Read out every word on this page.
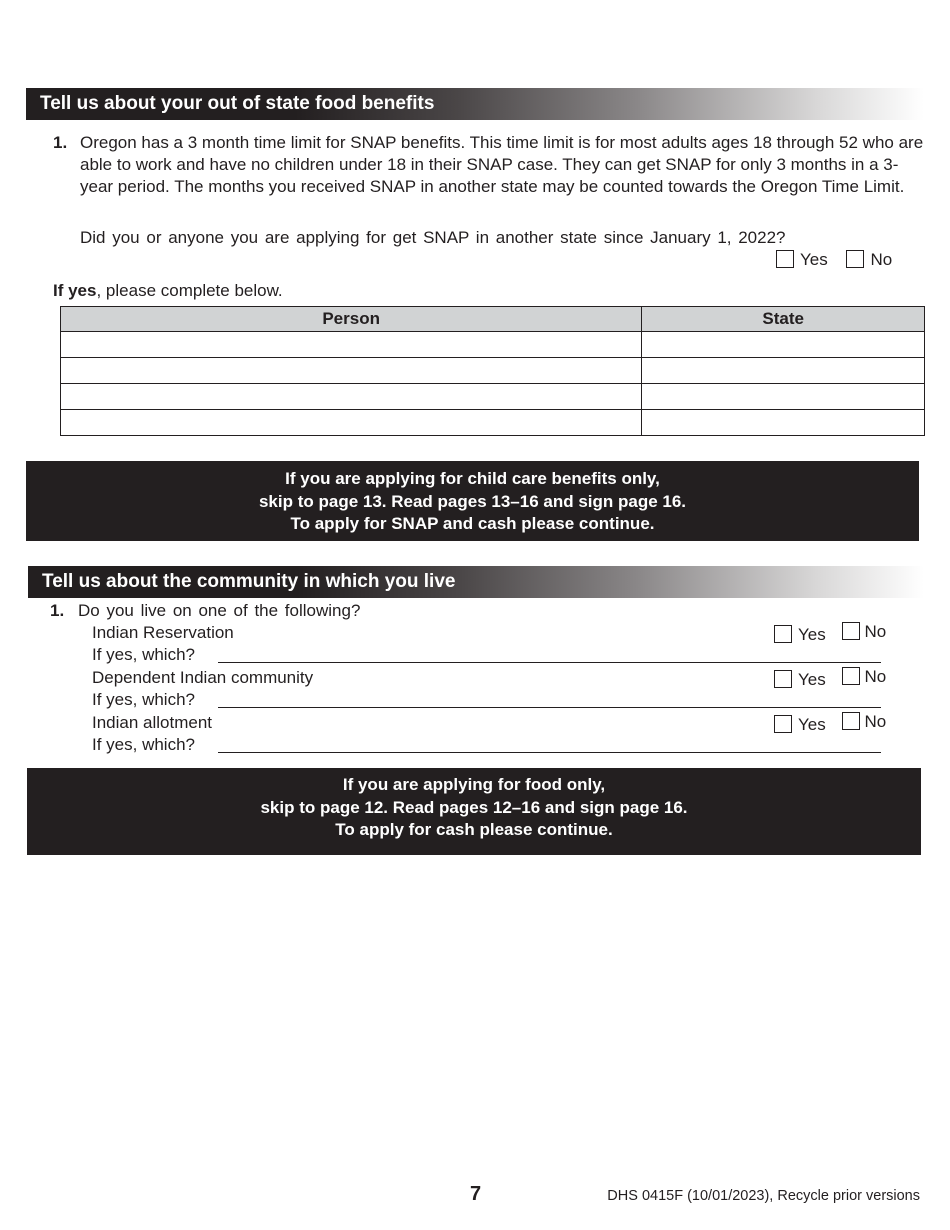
Tell us about your out of state food benefits
1. Oregon has a 3 month time limit for SNAP benefits. This time limit is for most adults ages 18 through 52 who are able to work and have no children under 18 in their SNAP case. They can get SNAP for only 3 months in a 3-year period. The months you received SNAP in another state may be counted towards the Oregon Time Limit.
Did you or anyone you are applying for get SNAP in another state since January 1, 2022?
Yes	No
If yes, please complete below.
Person	State

If you are applying for child care benefits only,
skip to page 13. Read pages 13–16 and sign page 16.
To apply for SNAP and cash please continue.
Tell us about the community in which you live
1. Do you live on one of the following?
Indian Reservation	Yes No
If yes, which?
Dependent Indian community	Yes No
If yes, which?
Indian allotment	Yes No
If yes, which?
If you are applying for food only,
skip to page 12. Read pages 12–16 and sign page 16.
To apply for cash please continue.
7	DHS 0415F (10/01/2023), Recycle prior versions
